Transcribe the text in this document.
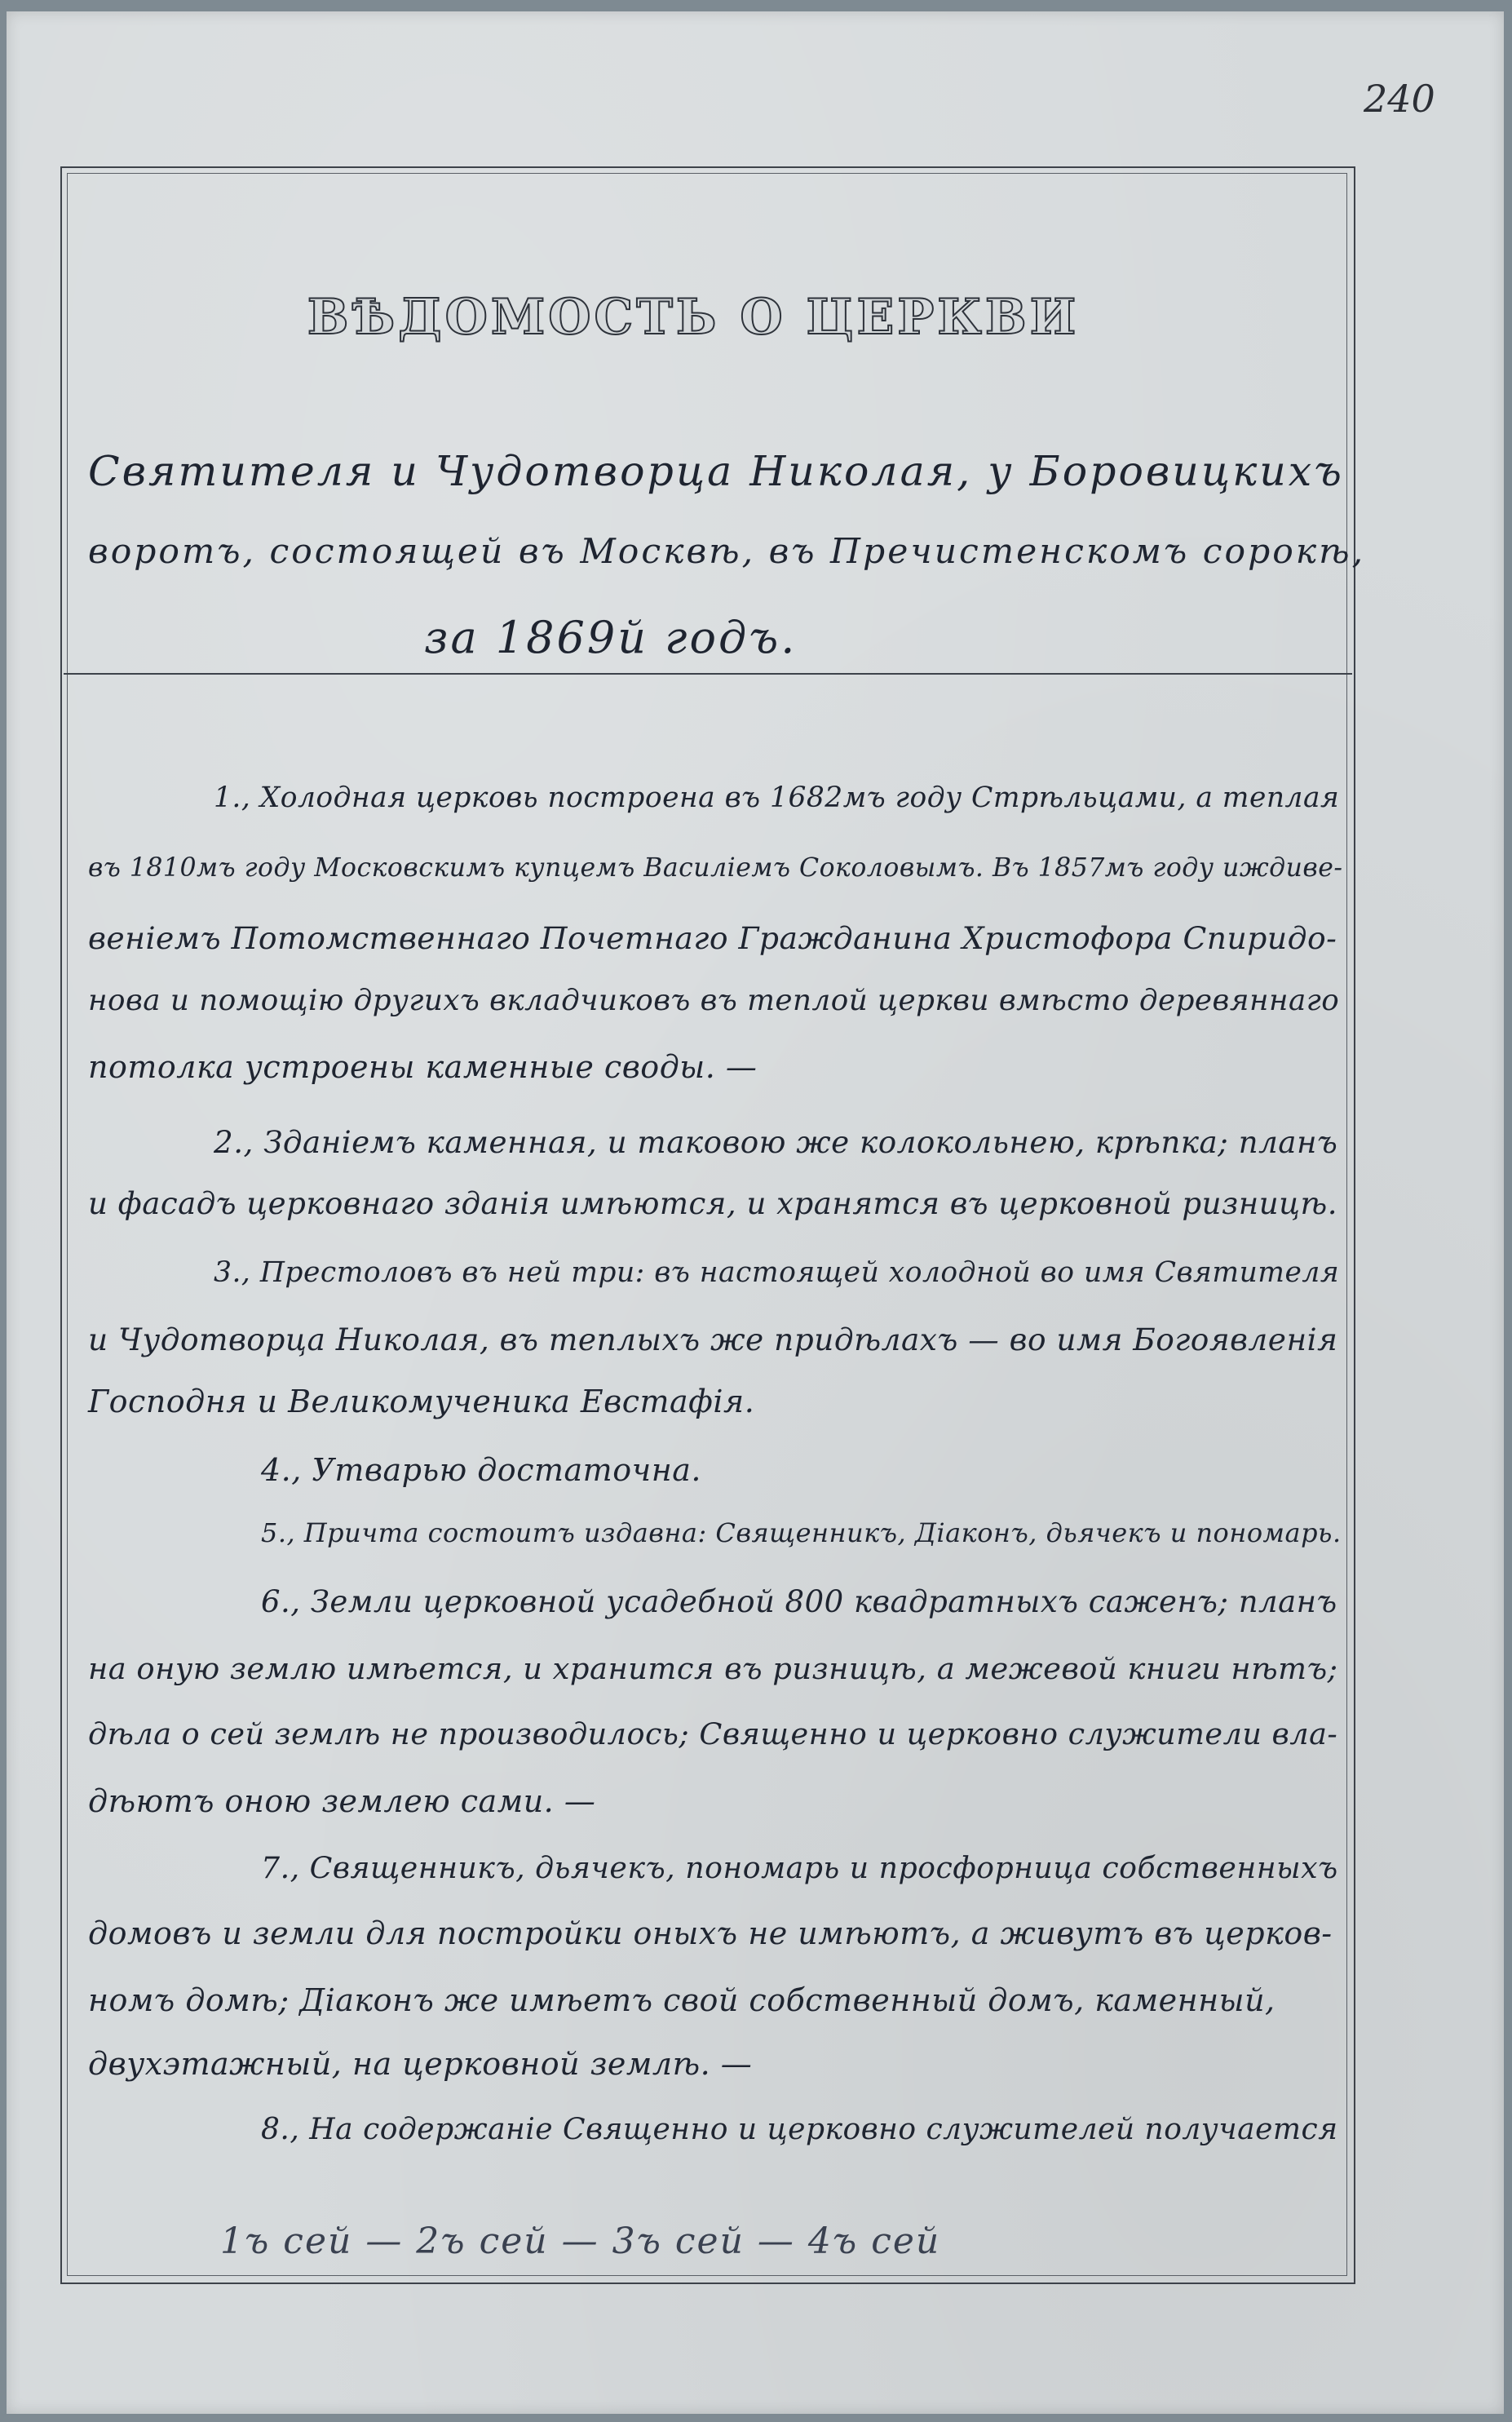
240
ВѢДОМОСТЬ О ЦЕРКВИ

Святителя и Чудотворца Николая, у Боровицкихъ

воротъ, состоящей въ Москвѣ, въ Пречистенскомъ сорокѣ,

за 1869й годъ.

1., Холодная церковь построена въ 1682мъ году Стрѣльцами, а теплая

въ 1810мъ году Московскимъ купцемъ Василiемъ Соколовымъ. Въ 1857мъ году иждиве-

венiемъ Потомственнаго Почетнаго Гражданина Христофора Спиридо-

нова и помощiю другихъ вкладчиковъ въ теплой церкви вмѣсто деревяннаго

потолка устроены каменные своды. —

2., Зданiемъ каменная, и таковою же колокольнею, крѣпка; планъ

и фасадъ церковнаго зданiя имѣются, и хранятся въ церковной ризницѣ.

3., Престоловъ въ ней три: въ настоящей холодной во имя Святителя

и Чудотворца Николая, въ теплыхъ же придѣлахъ — во имя Богоявленiя

Господня и Великомученика Евстафiя.

4., Утварью достаточна.

5., Причта состоитъ издавна: Священникъ, Дiаконъ, дьячекъ и пономарь.

6., Земли церковной усадебной 800 квадратныхъ саженъ; планъ

на оную землю имѣется, и хранится въ ризницѣ, а межевой книги нѣтъ;

дѣла о сей землѣ не производилось; Священно и церковно служители вла-

дѣютъ оною землею сами. —

7., Священникъ, дьячекъ, пономарь и просфорница собственныхъ

домовъ и земли для постройки оныхъ не имѣютъ, а живутъ въ церков-

номъ домѣ; Дiаконъ же имѣетъ свой собственный домъ, каменный,

двухэтажный, на церковной землѣ. —

8., На содержанiе Священно и церковно служителей получается

1ъ сей — 2ъ сей — 3ъ сей — 4ъ сей
